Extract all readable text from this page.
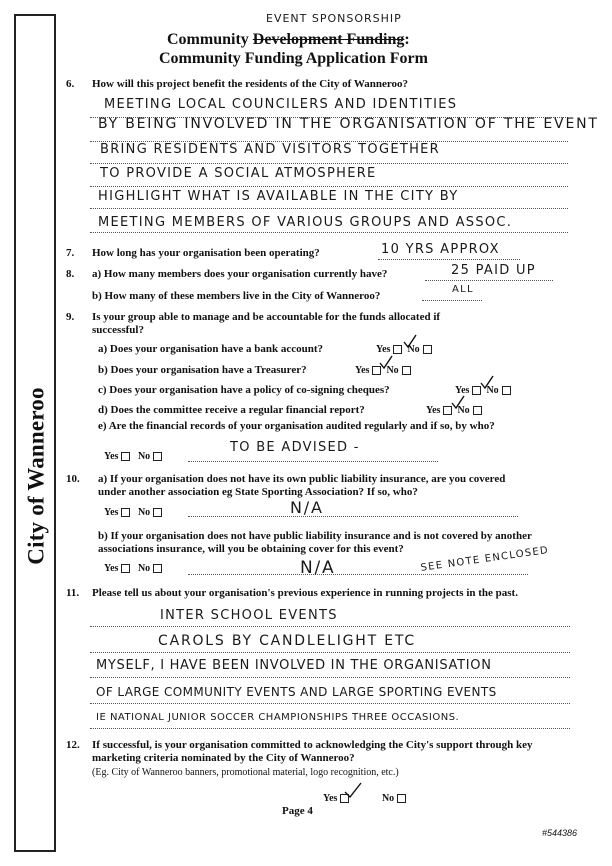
City of Wanneroo
EVENT SPONSORSHIP
Community Development Funding:
Community Funding Application Form
6. How will this project benefit the residents of the City of Wanneroo?
MEETING LOCAL COUNCILERS AND IDENTITIES
BY BEING INVOLVED IN THE ORGANISATION OF THE EVENT
BRING RESIDENTS AND VISITORS TOGETHER
TO PROVIDE A SOCIAL ATMOSPHERE
HIGHLIGHT WHAT IS AVAILABLE IN THE CITY BY
MEETING MEMBERS OF VARIOUS GROUPS AND ASSOC.
7. How long has your organisation been operating?	10 YRS APPROX
8. a) How many members does your organisation currently have?	25 PAID UP
b) How many of these members live in the City of Wanneroo?
ALL
9. Is your group able to manage and be accountable for the funds allocated if successful?
a) Does your organisation have a bank account?	Yes No
b) Does your organisation have a Treasurer?	Yes No
c) Does your organisation have a policy of co-signing cheques?	Yes No
d) Does the committee receive a regular financial report?	Yes No
e) Are the financial records of your organisation audited regularly and if so, by who?
Yes No
TO BE ADVISED -
10. a) If your organisation does not have its own public liability insurance, are you covered under another association eg State Sporting Association? If so, who?
Yes No	N/A
b) If your organisation does not have public liability insurance and is not covered by another associations insurance, will you be obtaining cover for this event?
Yes No	N/A	SEE NOTE ENCLOSED
11. Please tell us about your organisation's previous experience in running projects in the past.
INTER SCHOOL EVENTS
CAROLS BY CANDLELIGHT ETC
MYSELF, I HAVE BEEN INVOLVED IN THE ORGANISATION
OF LARGE COMMUNITY EVENTS AND LARGE SPORTING EVENTS
IE NATIONAL JUNIOR SOCCER CHAMPIONSHIPS THREE OCCASIONS.
12. If successful, is your organisation committed to acknowledging the City's support through key marketing criteria nominated by the City of Wanneroo?
(Eg. City of Wanneroo banners, promotional material, logo recognition, etc.)
Yes	No
Page 4
#544386
